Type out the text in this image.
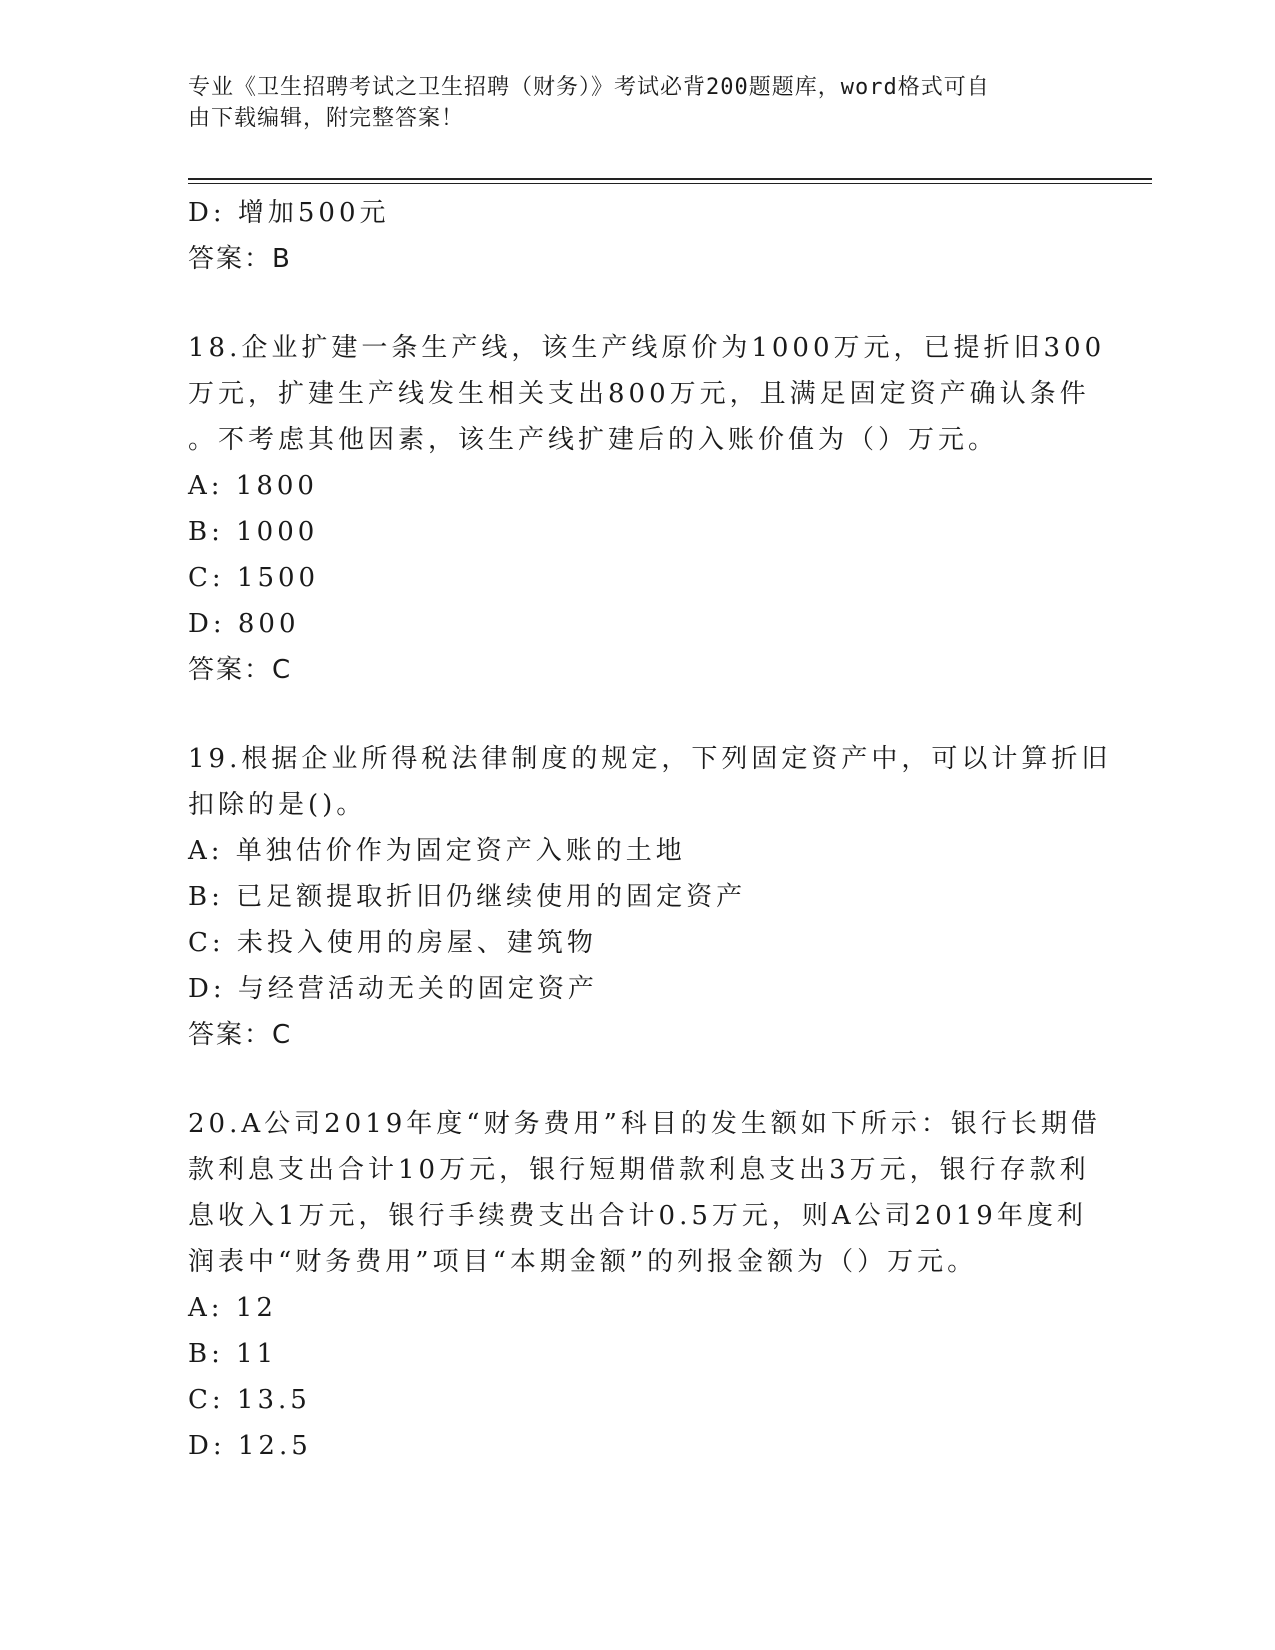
专业《卫生招聘考试之卫生招聘（财务）》考试必背200题题库，word格式可自
由下载编辑，附完整答案！
D: 增加500元
答案：B
18.企业扩建一条生产线，该生产线原价为1000万元，已提折旧300
万元，扩建生产线发生相关支出800万元，且满足固定资产确认条件
。不考虑其他因素，该生产线扩建后的入账价值为（）万元。
A: 1800
B: 1000
C: 1500
D: 800
答案：C
19.根据企业所得税法律制度的规定，下列固定资产中，可以计算折旧
扣除的是()。
A: 单独估价作为固定资产入账的土地
B: 已足额提取折旧仍继续使用的固定资产
C: 未投入使用的房屋、建筑物
D: 与经营活动无关的固定资产
答案：C
20.A公司2019年度“财务费用”科目的发生额如下所示：银行长期借
款利息支出合计10万元，银行短期借款利息支出3万元，银行存款利
息收入1万元，银行手续费支出合计0.5万元，则A公司2019年度利
润表中“财务费用”项目“本期金额”的列报金额为（）万元。
A: 12
B: 11
C: 13.5
D: 12.5
